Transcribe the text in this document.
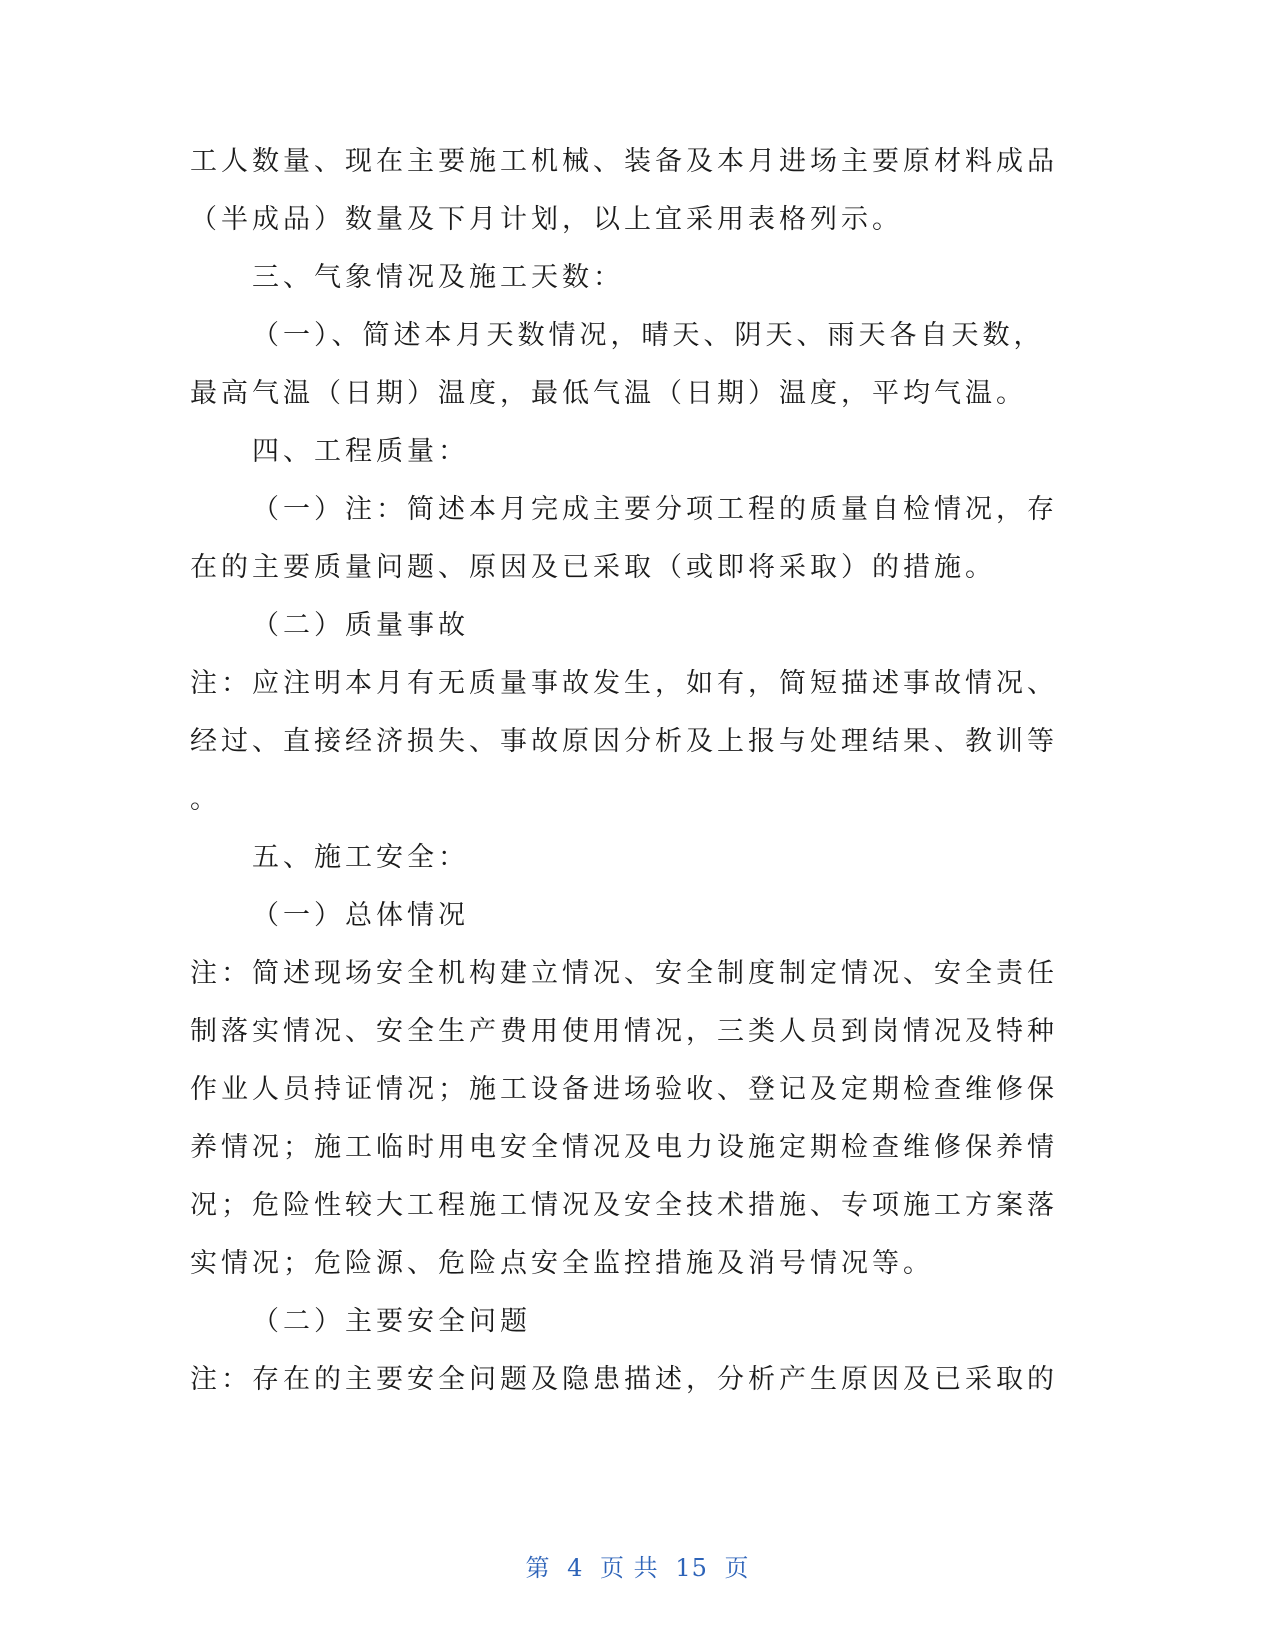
工人数量、现在主要施工机械、装备及本月进场主要原材料成品
（半成品）数量及下月计划，以上宜采用表格列示。
三、气象情况及施工天数：
（一）、简述本月天数情况，晴天、阴天、雨天各自天数，
最高气温（日期）温度，最低气温（日期）温度，平均气温。
四、工程质量：
（一）注：简述本月完成主要分项工程的质量自检情况，存
在的主要质量问题、原因及已采取（或即将采取）的措施。
（二）质量事故
注：应注明本月有无质量事故发生，如有，简短描述事故情况、
经过、直接经济损失、事故原因分析及上报与处理结果、教训等
。
五、施工安全：
（一）总体情况
注：简述现场安全机构建立情况、安全制度制定情况、安全责任
制落实情况、安全生产费用使用情况，三类人员到岗情况及特种
作业人员持证情况；施工设备进场验收、登记及定期检查维修保
养情况；施工临时用电安全情况及电力设施定期检查维修保养情
况；危险性较大工程施工情况及安全技术措施、专项施工方案落
实情况；危险源、危险点安全监控措施及消号情况等。
（二）主要安全问题
注：存在的主要安全问题及隐患描述，分析产生原因及已采取的
第 4 页 共 15 页
